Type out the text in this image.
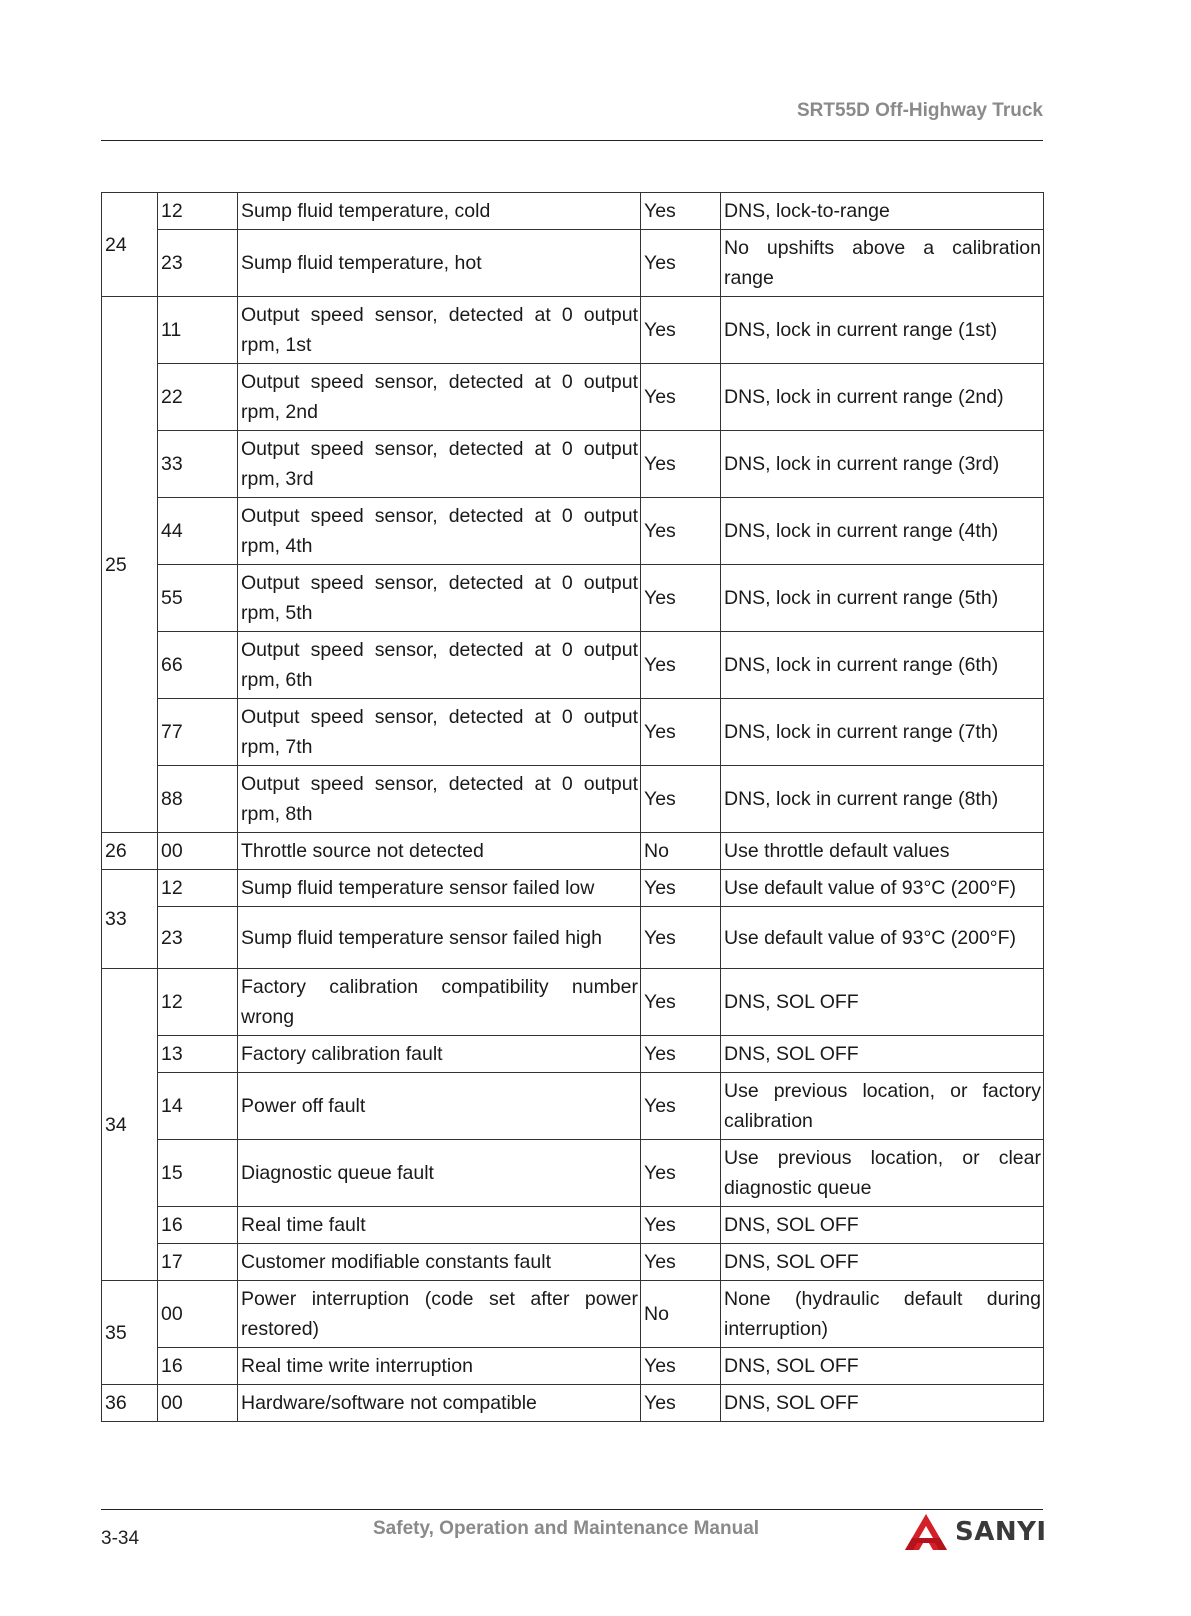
SRT55D Off-Highway Truck
24	12	Sump fluid temperature, cold	Yes	DNS, lock-to-range
	23	Sump fluid temperature, hot	Yes	No upshifts above a calibration range
25	11	Output speed sensor, detected at 0 output rpm, 1st	Yes	DNS, lock in current range (1st)
	22	Output speed sensor, detected at 0 output rpm, 2nd	Yes	DNS, lock in current range (2nd)
	33	Output speed sensor, detected at 0 output rpm, 3rd	Yes	DNS, lock in current range (3rd)
	44	Output speed sensor, detected at 0 output rpm, 4th	Yes	DNS, lock in current range (4th)
	55	Output speed sensor, detected at 0 output rpm, 5th	Yes	DNS, lock in current range (5th)
	66	Output speed sensor, detected at 0 output rpm, 6th	Yes	DNS, lock in current range (6th)
	77	Output speed sensor, detected at 0 output rpm, 7th	Yes	DNS, lock in current range (7th)
	88	Output speed sensor, detected at 0 output rpm, 8th	Yes	DNS, lock in current range (8th)
26	00	Throttle source not detected	No	Use throttle default values
33	12	Sump fluid temperature sensor failed low	Yes	Use default value of 93°C (200°F)
	23	Sump fluid temperature sensor failed high	Yes	Use default value of 93°C (200°F)
34	12	Factory calibration compatibility number wrong	Yes	DNS, SOL OFF
	13	Factory calibration fault	Yes	DNS, SOL OFF
	14	Power off fault	Yes	Use previous location, or factory calibration
	15	Diagnostic queue fault	Yes	Use previous location, or clear diagnostic queue
	16	Real time fault	Yes	DNS, SOL OFF
	17	Customer modifiable constants fault	Yes	DNS, SOL OFF
35	00	Power interruption (code set after power restored)	No	None (hydraulic default during interruption)
	16	Real time write interruption	Yes	DNS, SOL OFF
36	00	Hardware/software not compatible	Yes	DNS, SOL OFF
3-34	Safety, Operation and Maintenance Manual	SANYI
